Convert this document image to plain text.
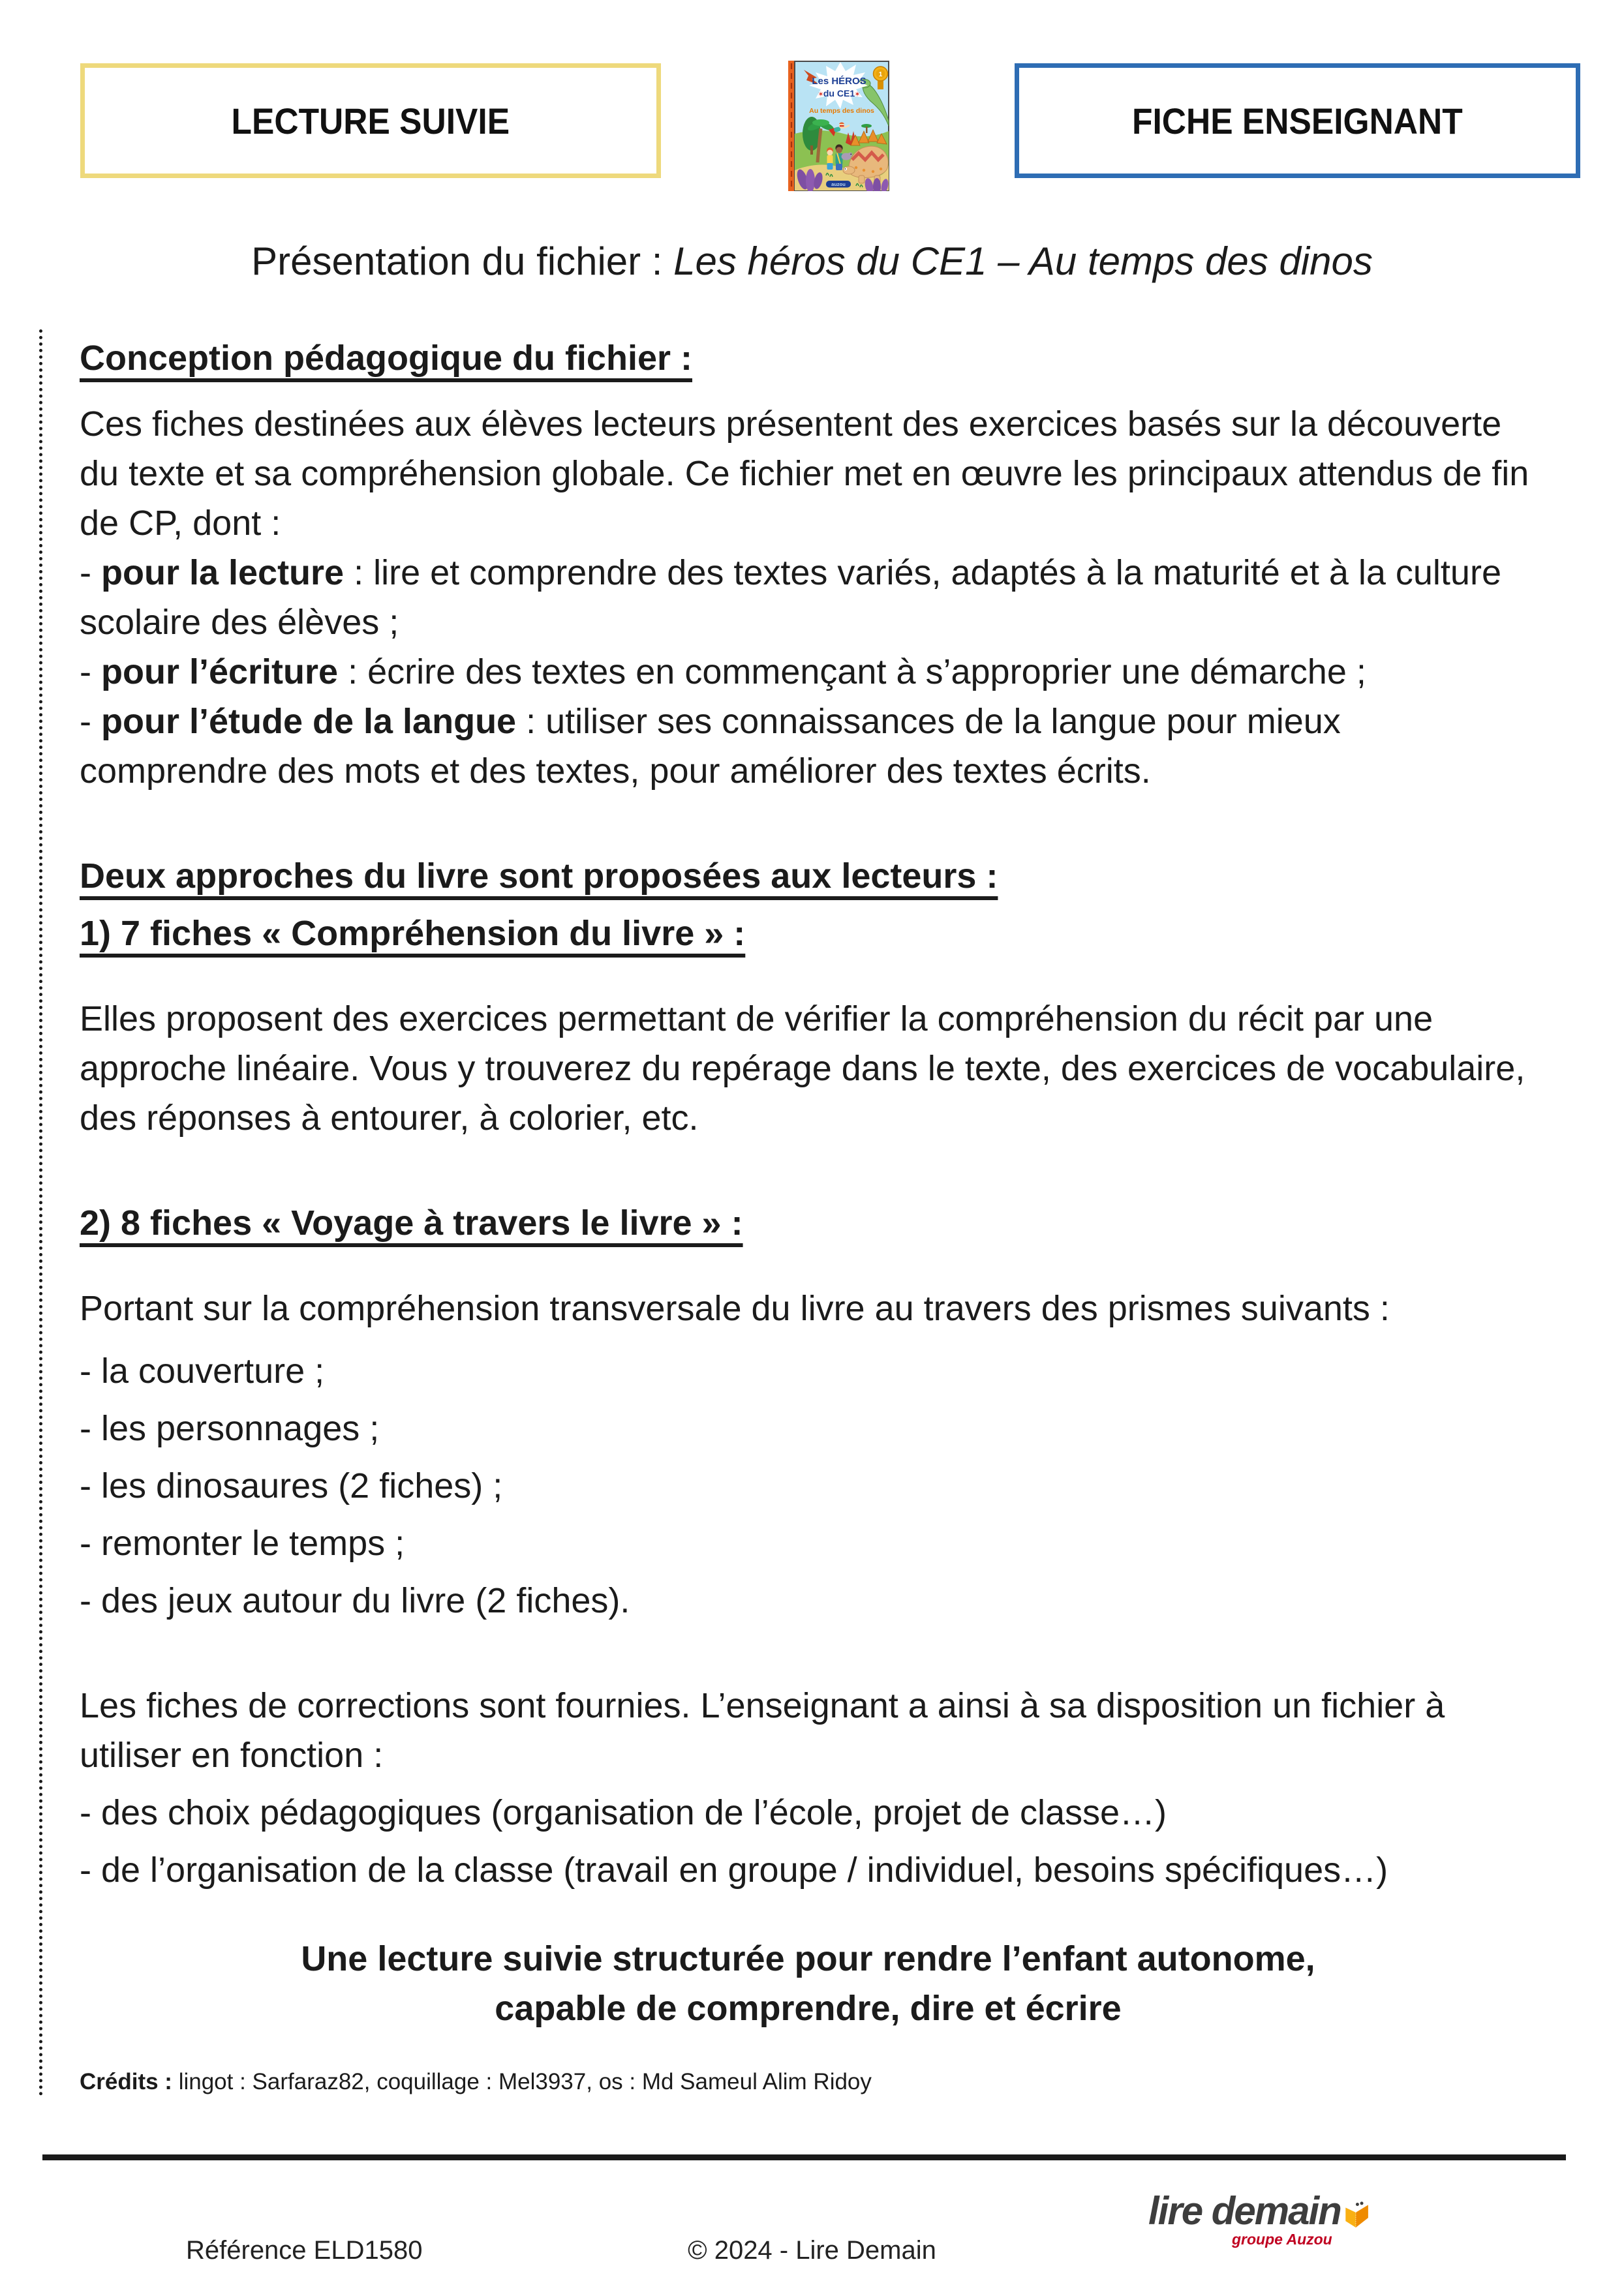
LECTURE SUIVIE
1
Les HÉROS
du CE1
✶	✶
Au temps des dinos
auzou
FICHE ENSEIGNANT
Présentation du fichier : Les héros du CE1 – Au temps des dinos
Conception pédagogique du fichier :

Ces fiches destinées aux élèves lecteurs présentent des exercices basés sur la découverte du texte et sa compréhension globale. Ce fichier met en œuvre les principaux attendus de fin de CP, dont :

- pour la lecture : lire et comprendre des textes variés, adaptés à la maturité et à la culture scolaire des élèves ;

- pour l’écriture : écrire des textes en commençant à s’approprier une démarche ;

- pour l’étude de la langue : utiliser ses connaissances de la langue pour mieux comprendre des mots et des textes, pour améliorer des textes écrits.

Deux approches du livre sont proposées aux lecteurs :
1) 7 fiches « Compréhension du livre » :

Elles proposent des exercices permettant de vérifier la compréhension du récit par une approche linéaire. Vous y trouverez du repérage dans le texte, des exercices de vocabulaire, des réponses à entourer, à colorier, etc.

2) 8 fiches « Voyage à travers le livre » :

Portant sur la compréhension transversale du livre au travers des prismes suivants :

- la couverture ;

- les personnages ;

- les dinosaures (2 fiches) ;

- remonter le temps ;

- des jeux autour du livre (2 fiches).

Les fiches de corrections sont fournies. L’enseignant a ainsi à sa disposition un fichier à utiliser en fonction :

- des choix pédagogiques (organisation de l’école, projet de classe…)

- de l’organisation de la classe (travail en groupe / individuel, besoins spécifiques…)

Une lecture suivie structurée pour rendre l’enfant autonome,
capable de comprendre, dire et écrire

Crédits : lingot : Sarfaraz82, coquillage : Mel3937, os : Md Sameul Alim Ridoy

Référence ELD1580	© 2024 - Lire Demain
lire demain
groupe Auzou
